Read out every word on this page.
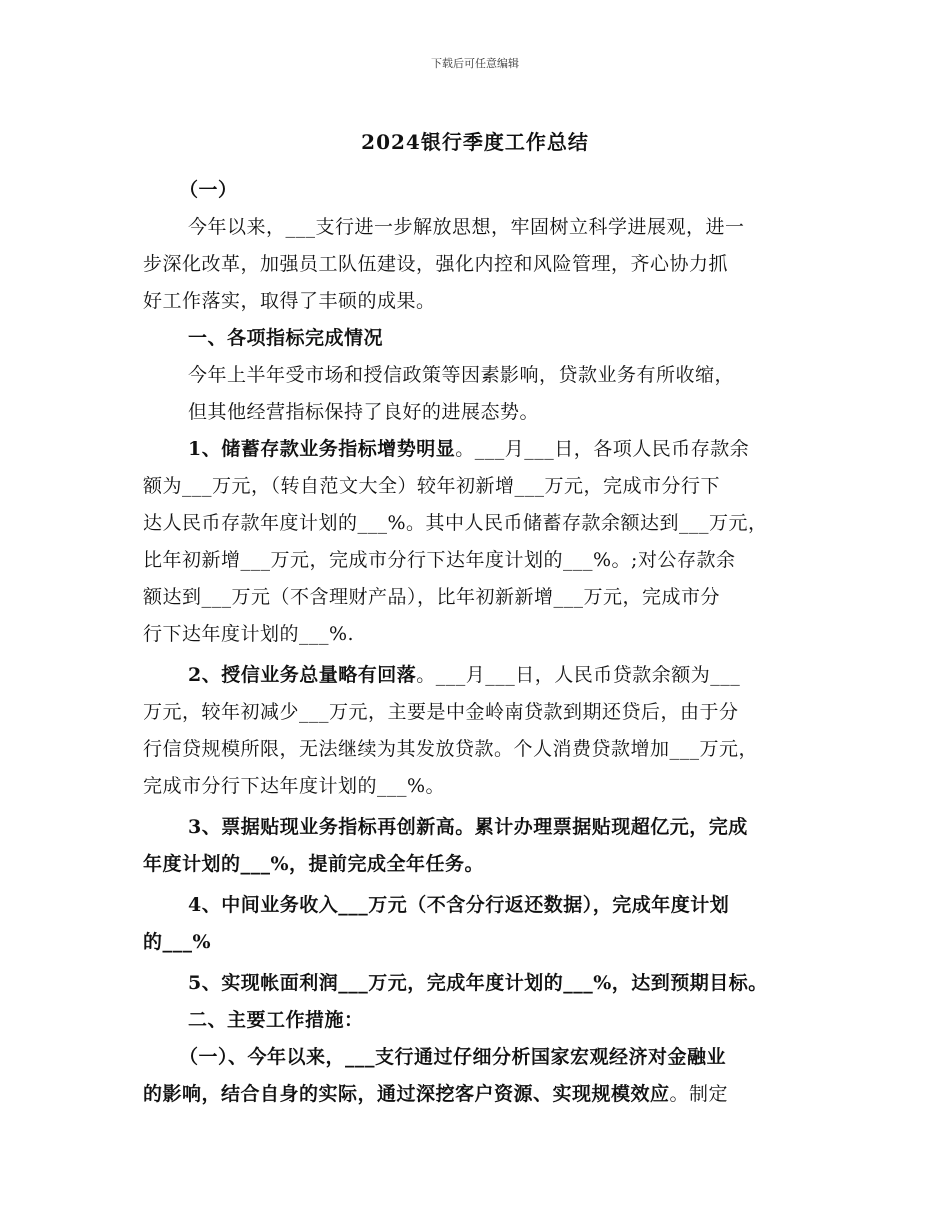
下载后可任意编辑
2024银行季度工作总结
（一）
今年以来，___支行进一步解放思想，牢固树立科学进展观，进一
步深化改革，加强员工队伍建设，强化内控和风险管理，齐心协力抓
好工作落实，取得了丰硕的成果。
一、各项指标完成情况
今年上半年受市场和授信政策等因素影响，贷款业务有所收缩，
但其他经营指标保持了良好的进展态势。
1、储蓄存款业务指标增势明显。___月___日，各项人民币存款余
额为___万元，（转自范文大全）较年初新增___万元，完成市分行下
达人民币存款年度计划的___%。其中人民币储蓄存款余额达到___万元，
比年初新增___万元，完成市分行下达年度计划的___%。;对公存款余
额达到___万元（不含理财产品），比年初新新增___万元，完成市分
行下达年度计划的___%.
2、授信业务总量略有回落。___月___日，人民币贷款余额为___
万元，较年初减少___万元，主要是中金岭南贷款到期还贷后，由于分
行信贷规模所限，无法继续为其发放贷款。个人消费贷款增加___万元，
完成市分行下达年度计划的___%。
3、票据贴现业务指标再创新高。累计办理票据贴现超亿元，完成
年度计划的___%，提前完成全年任务。
4、中间业务收入___万元（不含分行返还数据），完成年度计划
的___%
5、实现帐面利润___万元，完成年度计划的___%，达到预期目标。
二、主要工作措施：
（一）、今年以来，___支行通过仔细分析国家宏观经济对金融业
的影响，结合自身的实际，通过深挖客户资源、实现规模效应。制定
